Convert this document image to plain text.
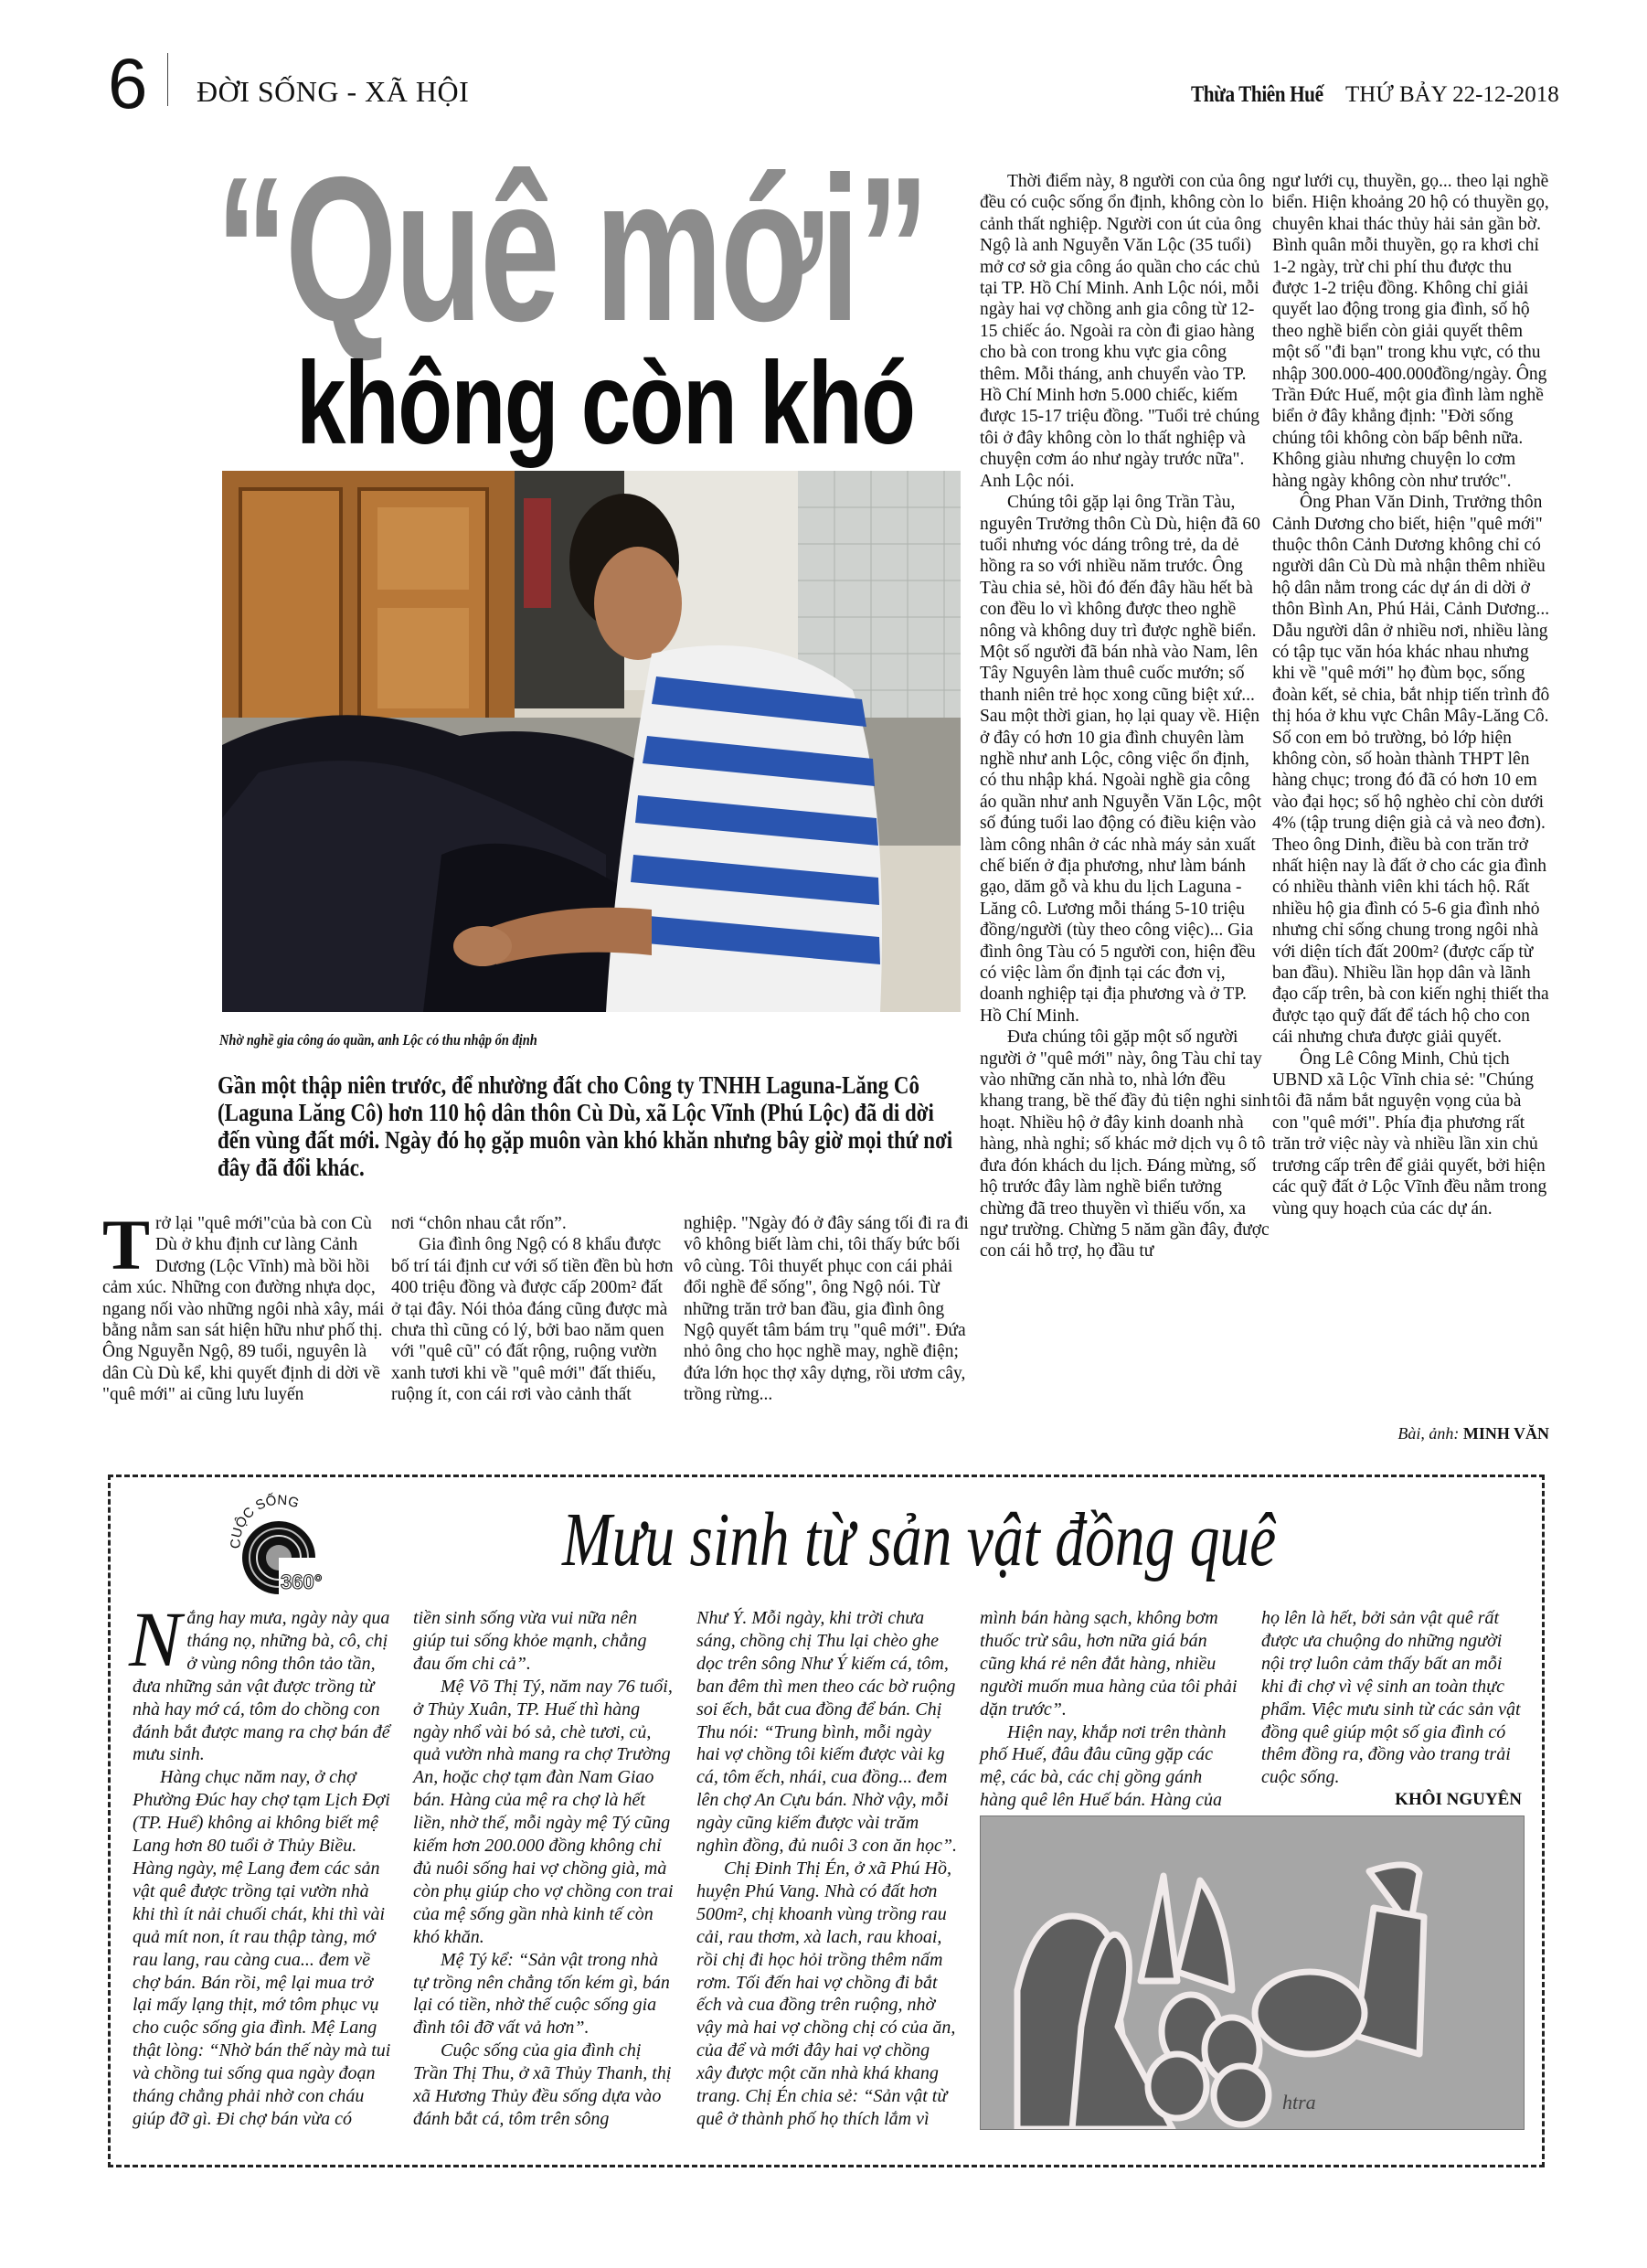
6 ĐỜI SỐNG - XÃ HỘI	Thừa Thiên Huế THỨ BẢY 22-12-2018
“Quê mới”
không còn khó
Nhờ nghề gia công áo quần, anh Lộc có thu nhập ổn định
Gần một thập niên trước, để nhường đất cho Công ty TNHH Laguna-Lăng Cô (Laguna Lăng Cô) hơn 110 hộ dân thôn Cù Dù, xã Lộc Vĩnh (Phú Lộc) đã di dời đến vùng đất mới. Ngày đó họ gặp muôn vàn khó khăn nhưng bây giờ mọi thứ nơi đây đã đổi khác.

Trở lại "quê mới"của bà con Cù Dù ở khu định cư làng Cảnh Dương (Lộc Vĩnh) mà bồi hồi cảm xúc. Những con đường nhựa dọc, ngang nối vào những ngôi nhà xây, mái bằng nằm san sát hiện hữu như phố thị. Ông Nguyễn Ngộ, 89 tuổi, nguyên là dân Cù Dù kể, khi quyết định di dời về "quê mới" ai cũng lưu luyến

nơi “chôn nhau cắt rốn”.

Gia đình ông Ngộ có 8 khẩu được bố trí tái định cư với số tiền đền bù hơn 400 triệu đồng và được cấp 200m² đất ở tại đây. Nói thỏa đáng cũng được mà chưa thì cũng có lý, bởi bao năm quen với "quê cũ" có đất rộng, ruộng vườn xanh tươi khi về "quê mới" đất thiếu, ruộng ít, con cái rơi vào cảnh thất

nghiệp. "Ngày đó ở đây sáng tối đi ra đi vô không biết làm chi, tôi thấy bức bối vô cùng. Tôi thuyết phục con cái phải đổi nghề để sống", ông Ngộ nói. Từ những trăn trở ban đầu, gia đình ông Ngộ quyết tâm bám trụ "quê mới". Đứa nhỏ ông cho học nghề may, nghề điện; đứa lớn học thợ xây dựng, rồi ươm cây, trồng rừng...

Thời điểm này, 8 người con của ông đều có cuộc sống ổn định, không còn lo cảnh thất nghiệp. Người con út của ông Ngộ là anh Nguyễn Văn Lộc (35 tuổi) mở cơ sở gia công áo quần cho các chủ tại TP. Hồ Chí Minh. Anh Lộc nói, mỗi ngày hai vợ chồng anh gia công từ 12-15 chiếc áo. Ngoài ra còn đi giao hàng cho bà con trong khu vực gia công thêm. Mỗi tháng, anh chuyển vào TP. Hồ Chí Minh hơn 5.000 chiếc, kiếm được 15-17 triệu đồng. "Tuổi trẻ chúng tôi ở đây không còn lo thất nghiệp và chuyện cơm áo như ngày trước nữa". Anh Lộc nói.

Chúng tôi gặp lại ông Trần Tàu, nguyên Trưởng thôn Cù Dù, hiện đã 60 tuổi nhưng vóc dáng trông trẻ, da dẻ hồng ra so với nhiều năm trước. Ông Tàu chia sẻ, hồi đó đến đây hầu hết bà con đều lo vì không được theo nghề nông và không duy trì được nghề biển. Một số người đã bán nhà vào Nam, lên Tây Nguyên làm thuê cuốc mướn; số thanh niên trẻ học xong cũng biệt xứ... Sau một thời gian, họ lại quay về. Hiện ở đây có hơn 10 gia đình chuyên làm nghề như anh Lộc, công việc ổn định, có thu nhập khá. Ngoài nghề gia công áo quần như anh Nguyễn Văn Lộc, một số đúng tuổi lao động có điều kiện vào làm công nhân ở các nhà máy sản xuất chế biến ở địa phương, như làm bánh gạo, dăm gỗ và khu du lịch Laguna -Lăng cô. Lương mỗi tháng 5-10 triệu đồng/người (tùy theo công việc)... Gia đình ông Tàu có 5 người con, hiện đều có việc làm ổn định tại các đơn vị, doanh nghiệp tại địa phương và ở TP. Hồ Chí Minh.

Đưa chúng tôi gặp một số người người ở "quê mới" này, ông Tàu chỉ tay vào những căn nhà to, nhà lớn đều khang trang, bề thế đầy đủ tiện nghi sinh hoạt. Nhiều hộ ở đây kinh doanh nhà hàng, nhà nghỉ; số khác mở dịch vụ ô tô đưa đón khách du lịch. Đáng mừng, số hộ trước đây làm nghề biển tưởng chừng đã treo thuyền vì thiếu vốn, xa ngư trường. Chừng 5 năm gần đây, được con cái hỗ trợ, họ đầu tư

ngư lưới cụ, thuyền, gọ... theo lại nghề biển. Hiện khoảng 20 hộ có thuyền gọ, chuyên khai thác thủy hải sản gần bờ. Bình quân mỗi thuyền, gọ ra khơi chỉ 1-2 ngày, trừ chi phí thu được thu được 1-2 triệu đồng. Không chỉ giải quyết lao động trong gia đình, số hộ theo nghề biển còn giải quyết thêm một số "đi bạn" trong khu vực, có thu nhập 300.000-400.000đồng/ngày. Ông Trần Đức Huế, một gia đình làm nghề biển ở đây khẳng định: "Đời sống chúng tôi không còn bấp bênh nữa. Không giàu nhưng chuyện lo cơm hàng ngày không còn như trước".

Ông Phan Văn Dinh, Trưởng thôn Cảnh Dương cho biết, hiện "quê mới" thuộc thôn Cảnh Dương không chỉ có người dân Cù Dù mà nhận thêm nhiều hộ dân nằm trong các dự án di dời ở thôn Bình An, Phú Hải, Cảnh Dương... Dẫu người dân ở nhiều nơi, nhiều làng có tập tục văn hóa khác nhau nhưng khi về "quê mới" họ đùm bọc, sống đoàn kết, sẻ chia, bắt nhịp tiến trình đô thị hóa ở khu vực Chân Mây-Lăng Cô. Số con em bỏ trường, bỏ lớp hiện không còn, số hoàn thành THPT lên hàng chục; trong đó đã có hơn 10 em vào đại học; số hộ nghèo chỉ còn dưới 4% (tập trung diện già cả và neo đơn). Theo ông Dinh, điều bà con trăn trở nhất hiện nay là đất ở cho các gia đình có nhiều thành viên khi tách hộ. Rất nhiều hộ gia đình có 5-6 gia đình nhỏ nhưng chỉ sống chung trong ngôi nhà với diện tích đất 200m² (được cấp từ ban đầu). Nhiều lần họp dân và lãnh đạo cấp trên, bà con kiến nghị thiết tha được tạo quỹ đất để tách hộ cho con cái nhưng chưa được giải quyết.

Ông Lê Công Minh, Chủ tịch UBND xã Lộc Vĩnh chia sẻ: "Chúng tôi đã nắm bắt nguyện vọng của bà con "quê mới". Phía địa phương rất trăn trở việc này và nhiều lần xin chủ trương cấp trên để giải quyết, bởi hiện các quỹ đất ở Lộc Vĩnh đều nằm trong vùng quy hoạch của các dự án.

Bài, ảnh: MINH VĂN
CUỘC SỐNG
360°	Mưu sinh từ sản vật đồng quê

Nắng hay mưa, ngày này qua tháng nọ, những bà, cô, chị ở vùng nông thôn tảo tần, đưa những sản vật được trồng từ nhà hay mớ cá, tôm do chồng con đánh bắt được mang ra chợ bán để mưu sinh.

Hàng chục năm nay, ở chợ Phường Đúc hay chợ tạm Lịch Đợi (TP. Huế) không ai không biết mệ Lang hơn 80 tuổi ở Thủy Biều. Hàng ngày, mệ Lang đem các sản vật quê được trồng tại vườn nhà khi thì ít nải chuối chát, khi thì vài quả mít non, ít rau thập tàng, mớ rau lang, rau càng cua... đem về chợ bán. Bán rồi, mệ lại mua trở lại mấy lạng thịt, mớ tôm phục vụ cho cuộc sống gia đình. Mệ Lang thật lòng: “Nhờ bán thế này mà tui và chồng tui sống qua ngày đoạn tháng chẳng phải nhờ con cháu giúp đỡ gì. Đi chợ bán vừa có

tiền sinh sống vừa vui nữa nên giúp tui sống khỏe mạnh, chẳng đau ốm chi cả”.

Mệ Võ Thị Tý, năm nay 76 tuổi, ở Thủy Xuân, TP. Huế thì hàng ngày nhổ vài bó sả, chè tươi, củ, quả vườn nhà mang ra chợ Trường An, hoặc chợ tạm đàn Nam Giao bán. Hàng của mệ ra chợ là hết liền, nhờ thế, mỗi ngày mệ Tý cũng kiếm hơn 200.000 đồng không chỉ đủ nuôi sống hai vợ chồng già, mà còn phụ giúp cho vợ chồng con trai của mệ sống gần nhà kinh tế còn khó khăn.

Mệ Tý kể: “Sản vật trong nhà tự trồng nên chẳng tốn kém gì, bán lại có tiền, nhờ thế cuộc sống gia đình tôi đỡ vất vả hơn”.

Cuộc sống của gia đình chị Trần Thị Thu, ở xã Thủy Thanh, thị xã Hương Thủy đều sống dựa vào đánh bắt cá, tôm trên sông

Như Ý. Mỗi ngày, khi trời chưa sáng, chồng chị Thu lại chèo ghe dọc trên sông Như Ý kiếm cá, tôm, ban đêm thì men theo các bờ ruộng soi ếch, bắt cua đồng để bán. Chị Thu nói: “Trung bình, mỗi ngày hai vợ chồng tôi kiếm được vài kg cá, tôm ếch, nhái, cua đồng... đem lên chợ An Cựu bán. Nhờ vậy, mỗi ngày cũng kiếm được vài trăm nghìn đồng, đủ nuôi 3 con ăn học”.

Chị Đinh Thị Én, ở xã Phú Hồ, huyện Phú Vang. Nhà có đất hơn 500m², chị khoanh vùng trồng rau cải, rau thơm, xà lach, rau khoai, rồi chị đi học hỏi trồng thêm nấm rơm. Tối đến hai vợ chồng đi bắt ếch và cua đồng trên ruộng, nhờ vậy mà hai vợ chồng chị có của ăn, của để và mới đây hai vợ chồng xây được một căn nhà khá khang trang. Chị Én chia sẻ: “Sản vật từ quê ở thành phố họ thích lắm vì

mình bán hàng sạch, không bơm thuốc trừ sâu, hơn nữa giá bán cũng khá rẻ nên đắt hàng, nhiều người muốn mua hàng của tôi phải dặn trước”.

Hiện nay, khắp nơi trên thành phố Huế, đâu đâu cũng gặp các mệ, các bà, các chị gồng gánh hàng quê lên Huế bán. Hàng của

họ lên là hết, bởi sản vật quê rất được ưa chuộng do những người nội trợ luôn cảm thấy bất an mỗi khi đi chợ vì vệ sinh an toàn thực phẩm. Việc mưu sinh từ các sản vật đồng quê giúp một số gia đình có thêm đồng ra, đồng vào trang trải cuộc sống.

KHÔI NGUYÊN
htra
